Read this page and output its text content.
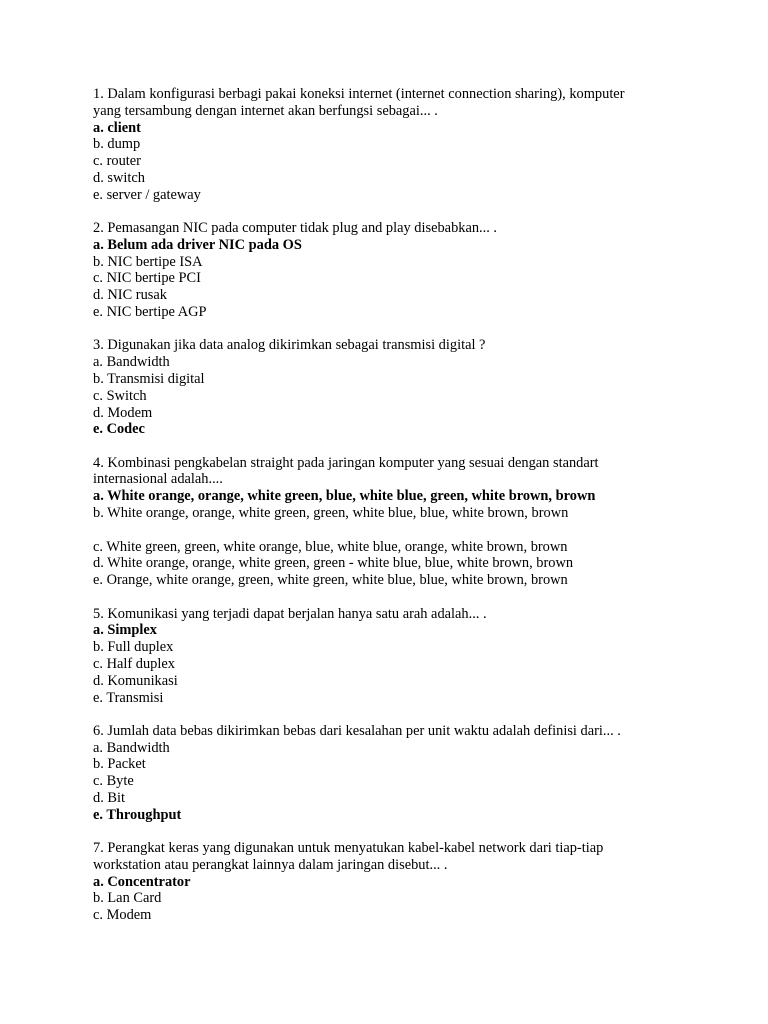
1. Dalam konfigurasi berbagi pakai koneksi internet (internet connection sharing), komputer
yang tersambung dengan internet akan berfungsi sebagai... .
a. client
b. dump
c. router
d. switch
e. server / gateway
2. Pemasangan NIC pada computer tidak plug and play disebabkan... .
a. Belum ada driver NIC pada OS
b. NIC bertipe ISA
c. NIC bertipe PCI
d. NIC rusak
e. NIC bertipe AGP
3. Digunakan jika data analog dikirimkan sebagai transmisi digital ?
a. Bandwidth
b. Transmisi digital
c. Switch
d. Modem
e. Codec
4. Kombinasi pengkabelan straight pada jaringan komputer yang sesuai dengan standart
internasional adalah....
a. White orange, orange, white green, blue, white blue, green, white brown, brown
b. White orange, orange, white green, green, white blue, blue, white brown, brown
c. White green, green, white orange, blue, white blue, orange, white brown, brown
d. White orange, orange, white green, green - white blue, blue, white brown, brown
e. Orange, white orange, green, white green, white blue, blue, white brown, brown
5. Komunikasi yang terjadi dapat berjalan hanya satu arah adalah... .
a. Simplex
b. Full duplex
c. Half duplex
d. Komunikasi
e. Transmisi
6. Jumlah data bebas dikirimkan bebas dari kesalahan per unit waktu adalah definisi dari... .
a. Bandwidth
b. Packet
c. Byte
d. Bit
e. Throughput
7. Perangkat keras yang digunakan untuk menyatukan kabel-kabel network dari tiap-tiap
workstation atau perangkat lainnya dalam jaringan disebut... .
a. Concentrator
b. Lan Card
c. Modem
